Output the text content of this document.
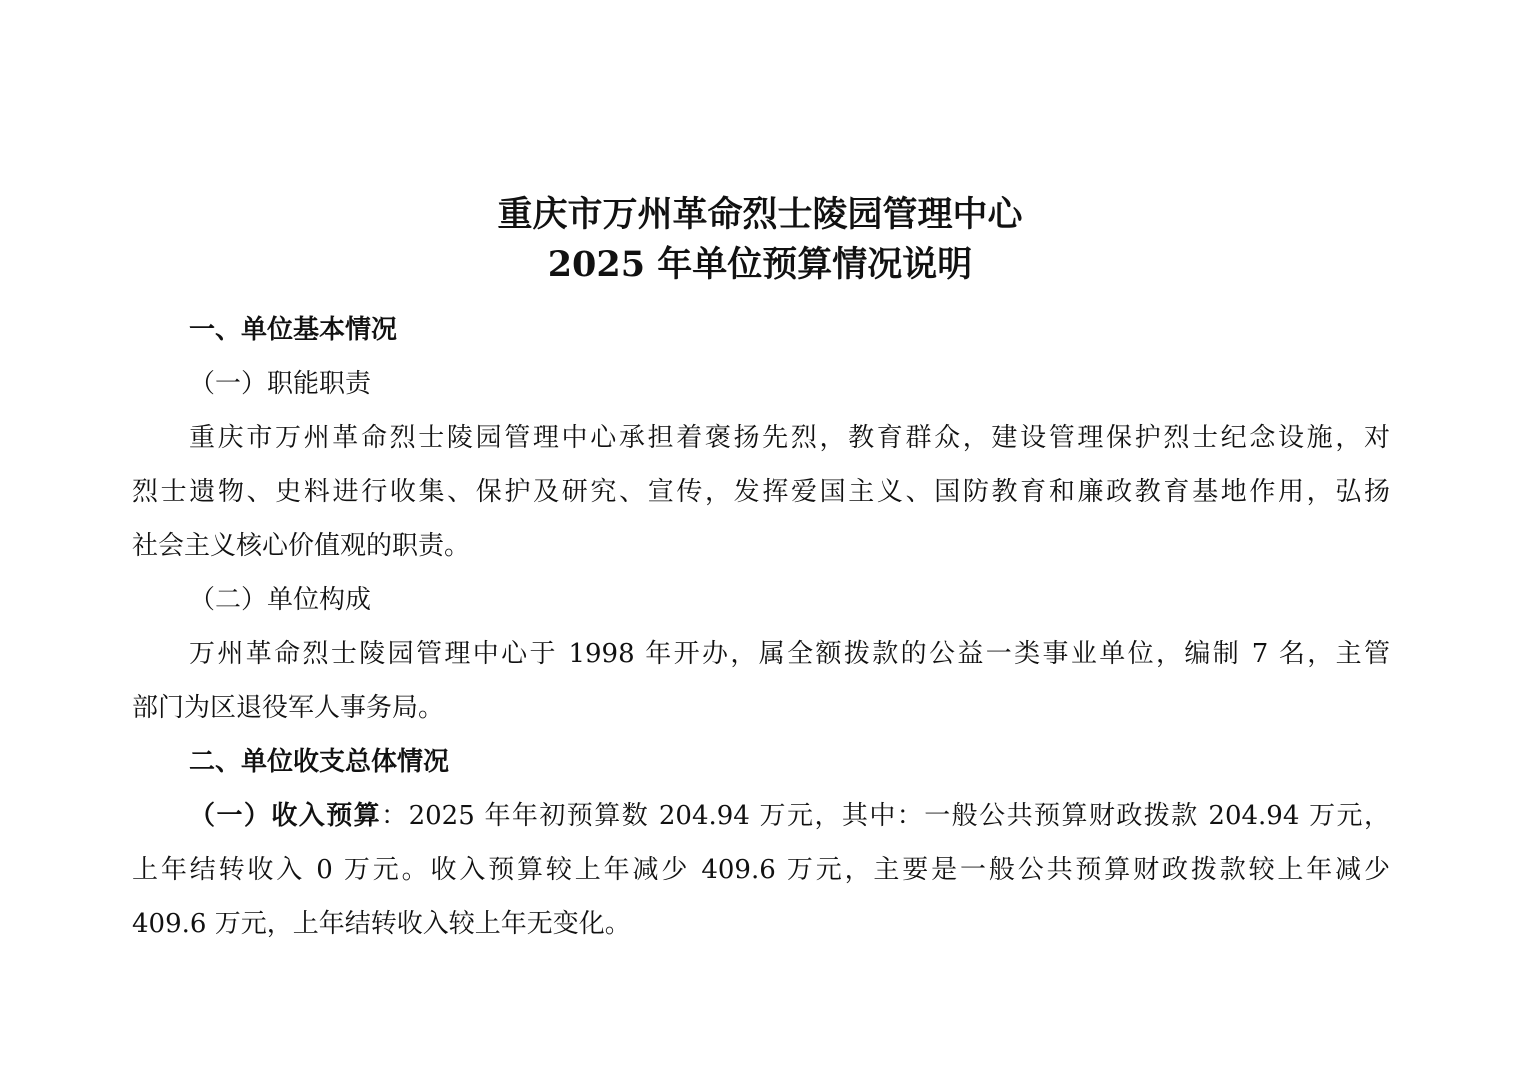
重庆市万州革命烈士陵园管理中心
2025 年单位预算情况说明
一、单位基本情况
（一）职能职责
重庆市万州革命烈士陵园管理中心承担着褒扬先烈，教育群众，建设管理保护烈士纪念设施，对
烈士遗物、史料进行收集、保护及研究、宣传，发挥爱国主义、国防教育和廉政教育基地作用，弘扬
社会主义核心价值观的职责。
（二）单位构成
万州革命烈士陵园管理中心于 1998 年开办，属全额拨款的公益一类事业单位，编制 7 名，主管
部门为区退役军人事务局。
二、单位收支总体情况
（一）收入预算：2025 年年初预算数 204.94 万元，其中：一般公共预算财政拨款 204.94 万元，
上年结转收入 0 万元。收入预算较上年减少 409.6 万元，主要是一般公共预算财政拨款较上年减少
409.6 万元，上年结转收入较上年无变化。
